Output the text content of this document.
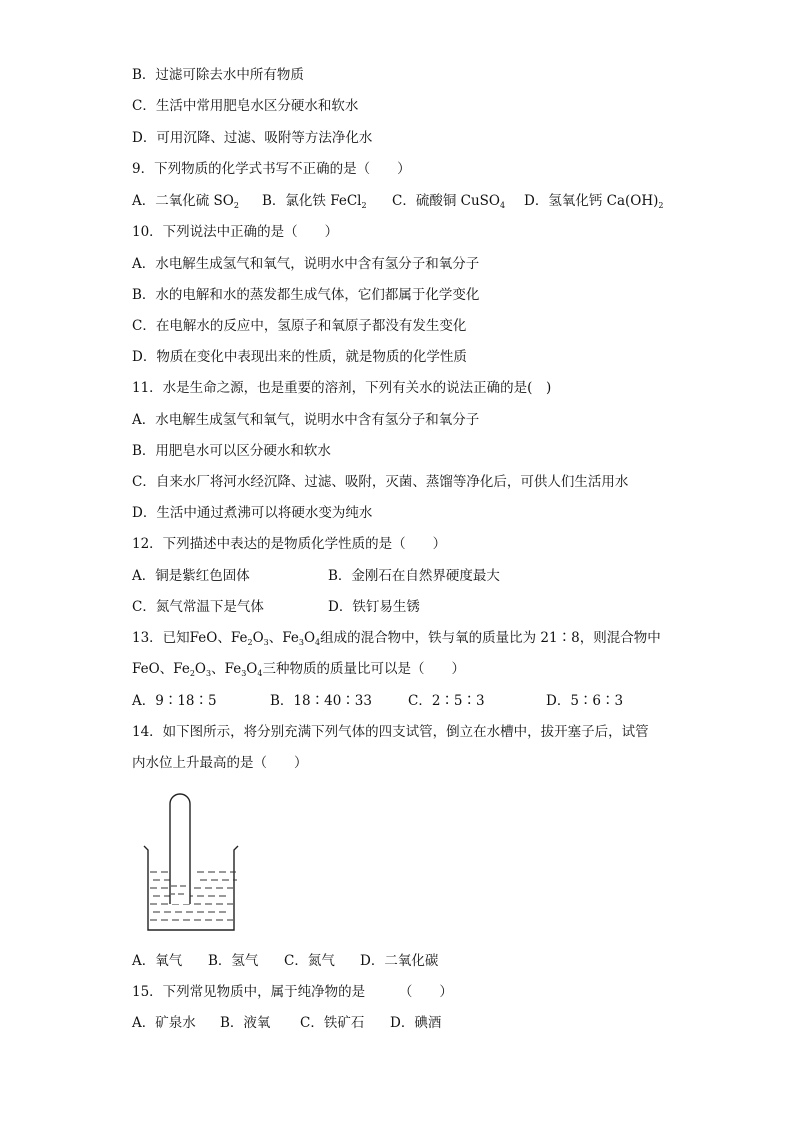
B．过滤可除去水中所有物质
C．生活中常用肥皂水区分硬水和软水
D．可用沉降、过滤、吸附等方法净化水
9．下列物质的化学式书写不正确的是（　　）
A．二氧化硫 $SO_2$ B．氯化铁 FeCl$_2$ C．硫酸铜 CuSO$_4$ D．氢氧化钙 $Ca(OH)_2$
10．下列说法中正确的是（　　）
A．水电解生成氢气和氧气，说明水中含有氢分子和氧分子
B．水的电解和水的蒸发都生成气体，它们都属于化学变化
C．在电解水的反应中，氢原子和氧原子都没有发生变化
D．物质在变化中表现出来的性质，就是物质的化学性质
11．水是生命之源，也是重要的溶剂，下列有关水的说法正确的是(　)
A．水电解生成氢气和氧气，说明水中含有氢分子和氧分子
B．用肥皂水可以区分硬水和软水
C．自来水厂将河水经沉降、过滤、吸附，灭菌、蒸馏等净化后，可供人们生活用水
D．生活中通过煮沸可以将硬水变为纯水
12．下列描述中表达的是物质化学性质的是（　　）
A．铜是紫红色固体	B．金刚石在自然界硬度最大
C．氮气常温下是气体	D．铁钉易生锈
13．已知FeO、$Fe_2O_3$、$Fe_3O_4$组成的混合物中，铁与氧的质量比为 21∶8，则混合物中
FeO、$Fe_2O_3$、$Fe_3O_4$三种物质的质量比可以是（　　）
A．9∶18∶5	B．18∶40∶33	C．2∶5∶3	D．5∶6∶3
14．如下图所示，将分别充满下列气体的四支试管，倒立在水槽中，拔开塞子后，试管
内水位上升最高的是（　　）
A．氧气 B．氢气 C．氮气 D．二氧化碳
15．下列常见物质中，属于纯净物的是　　　（　　）
A．矿泉水 B．液氧 C．铁矿石 D．碘酒
